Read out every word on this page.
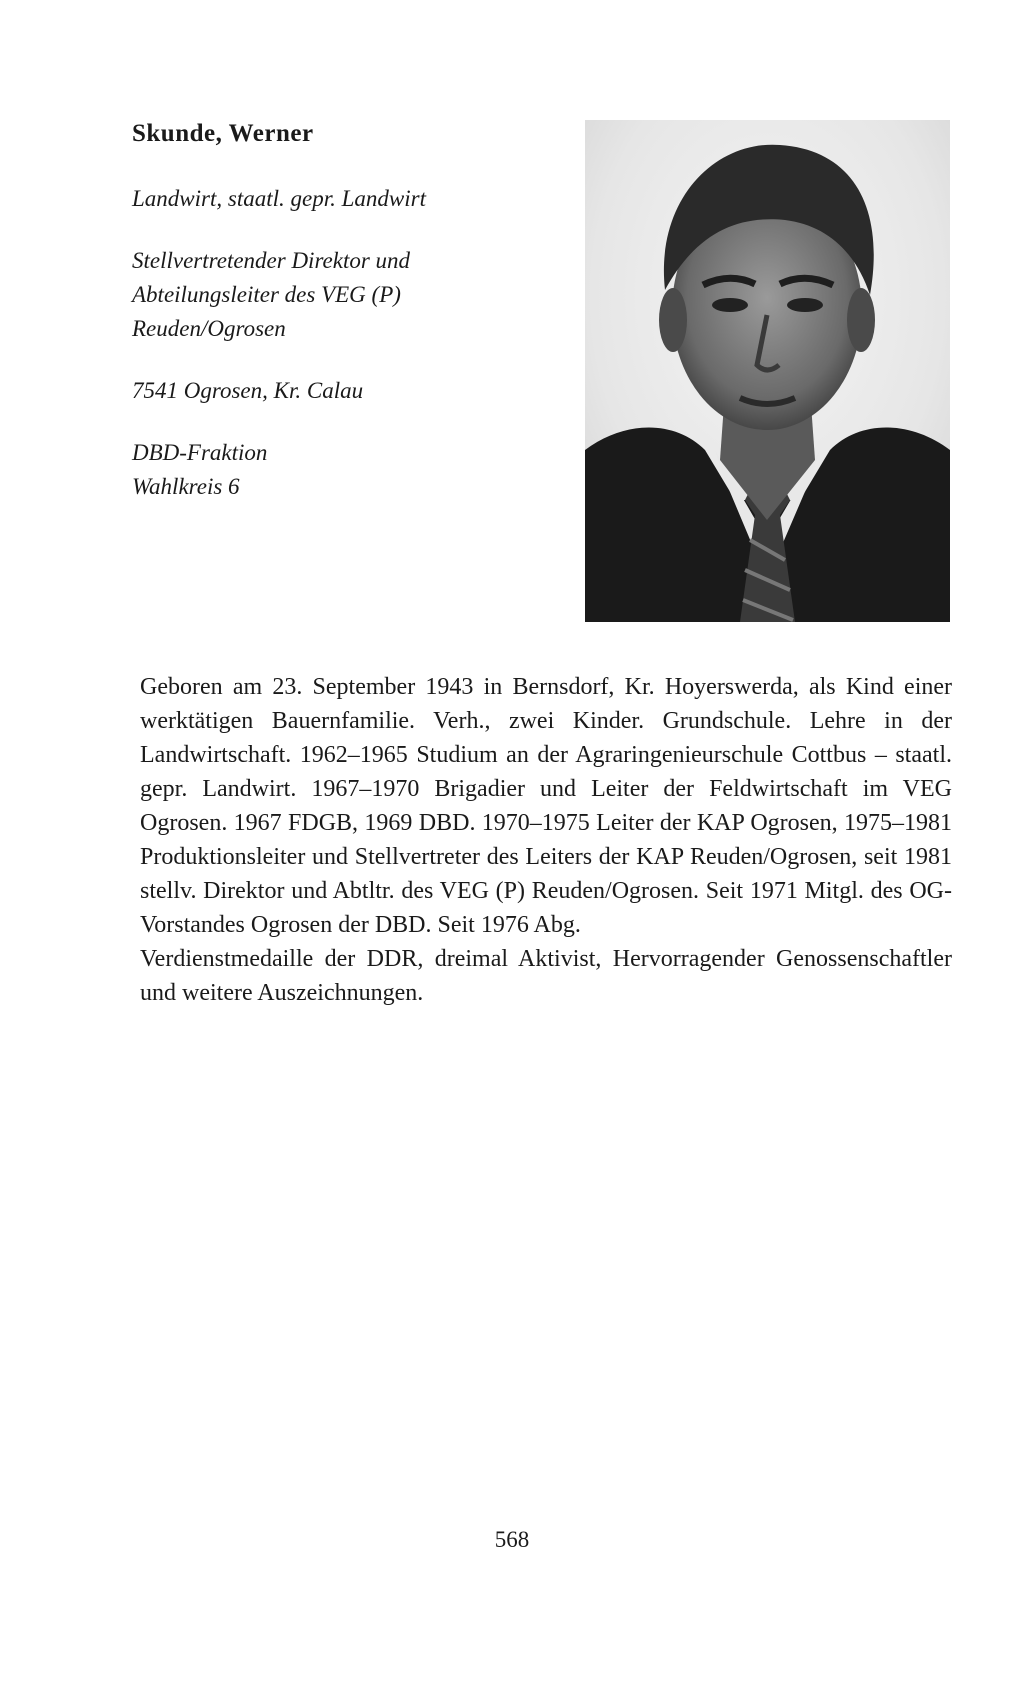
Skunde, Werner

Landwirt, staatl. gepr. Landwirt

Stellvertretender Direktor und
Abteilungsleiter des VEG (P)
Reuden/Ogrosen

7541 Ogrosen, Kr. Calau

DBD-Fraktion
Wahlkreis 6

Geboren am 23. September 1943 in Bernsdorf, Kr. Hoyerswerda, als Kind einer werktätigen Bauernfamilie. Verh., zwei Kinder. Grundschule. Lehre in der Landwirtschaft. 1962–1965 Studium an der Agraringenieurschule Cottbus – staatl. gepr. Landwirt. 1967–1970 Brigadier und Leiter der Feldwirtschaft im VEG Ogrosen. 1967 FDGB, 1969 DBD. 1970–1975 Leiter der KAP Ogrosen, 1975–1981 Produktionsleiter und Stellvertreter des Leiters der KAP Reuden/Ogrosen, seit 1981 stellv. Direktor und Abtltr. des VEG (P) Reuden/Ogrosen. Seit 1971 Mitgl. des OG-Vorstandes Ogrosen der DBD. Seit 1976 Abg.

Verdienstmedaille der DDR, dreimal Aktivist, Hervorragender Genossenschaftler und weitere Auszeichnungen.

568
